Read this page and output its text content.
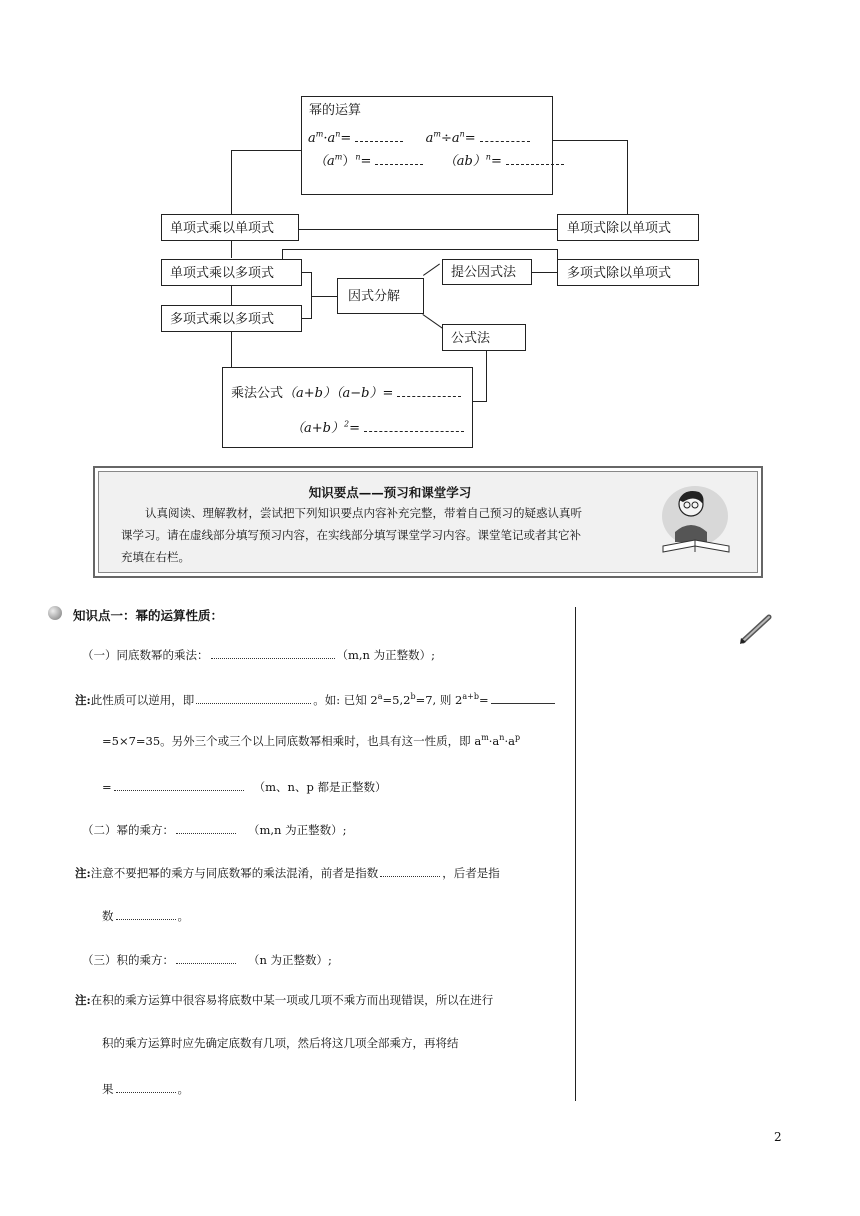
幂的运算
$a^m\cdot a^n=$	$a^m\div a^n=$
$(a^m)^n=$	（ab）$^n$=
单项式乘以单项式	单项式除以单项式
单项式乘以多项式	多项式除以单项式
多项式乘以多项式
因式分解
提公因式法
公式法
乘法公式（a+b）（a−b）=
$(a+b)^2=$
知识要点——预习和课堂学习
认真阅读、理解教材，尝试把下列知识要点内容补充完整，带着自己预习的疑惑认真听
课学习。请在虚线部分填写预习内容，在实线部分填写课堂学习内容。课堂笔记或者其它补
充填在右栏。
知识点一：幂的运算性质：
（一）同底数幂的乘法：	（m,n 为正整数）;
注:此性质可以逆用，即	。如: 已知 $2^a=5,2^b=7$, 则 $2^{a+b}=$
=5×7=35。另外三个或三个以上同底数幂相乘时，也具有这一性质，即 $a^m\cdot a^n\cdot a^p$
=	（m、n、p 都是正整数）
（二）幂的乘方：	（m,n 为正整数）;
注:注意不要把幂的乘方与同底数幂的乘法混淆，前者是指数	，后者是指
数	。
（三）积的乘方：	（n 为正整数）;
注:在积的乘方运算中很容易将底数中某一项或几项不乘方而出现错误，所以在进行
积的乘方运算时应先确定底数有几项，然后将这几项全部乘方，再将结
果	。
2
